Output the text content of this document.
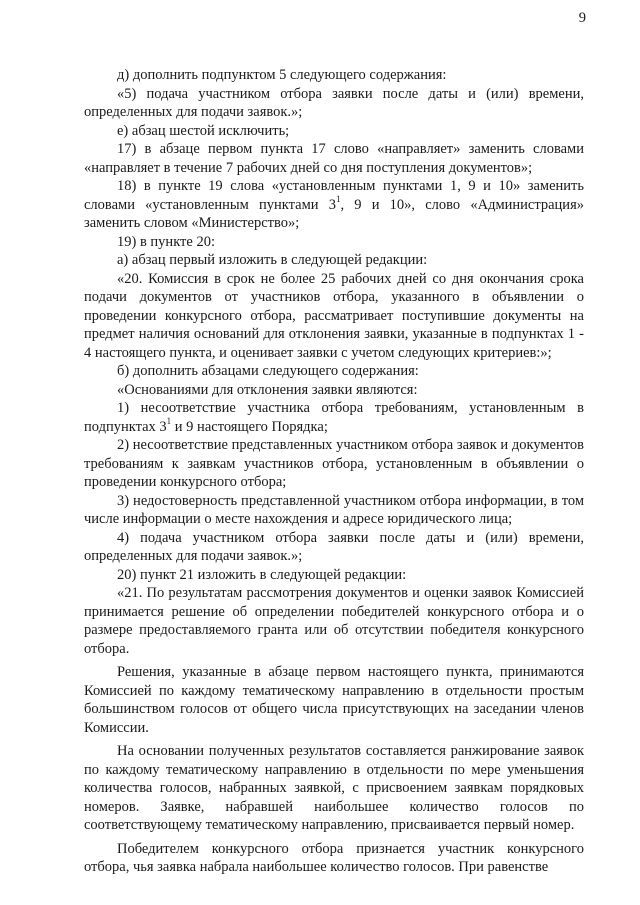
9

д) дополнить подпунктом 5 следующего содержания:

«5) подача участником отбора заявки после даты и (или) времени, определенных для подачи заявок.»;

е) абзац шестой исключить;

17) в абзаце первом пункта 17 слово «направляет» заменить словами «направляет в течение 7 рабочих дней со дня поступления документов»;

18) в пункте 19 слова «установленным пунктами 1, 9 и 10» заменить словами «установленным пунктами $3^1$, 9 и 10», слово «Администрация» заменить словом «Министерство»;

19) в пункте 20:

а) абзац первый изложить в следующей редакции:

«20. Комиссия в срок не более 25 рабочих дней со дня окончания срока подачи документов от участников отбора, указанного в объявлении о проведении конкурсного отбора, рассматривает поступившие документы на предмет наличия оснований для отклонения заявки, указанные в подпунктах 1 - 4 настоящего пункта, и оценивает заявки с учетом следующих критериев:»;

б) дополнить абзацами следующего содержания:

«Основаниями для отклонения заявки являются:

1) несоответствие участника отбора требованиям, установленным в подпунктах $3^1$ и 9 настоящего Порядка;

2) несоответствие представленных участником отбора заявок и документов требованиям к заявкам участников отбора, установленным в объявлении о проведении конкурсного отбора;

3) недостоверность представленной участником отбора информации, в том числе информации о месте нахождения и адресе юридического лица;

4) подача участником отбора заявки после даты и (или) времени, определенных для подачи заявок.»;

20) пункт 21 изложить в следующей редакции:

«21. По результатам рассмотрения документов и оценки заявок Комиссией принимается решение об определении победителей конкурсного отбора и о размере предоставляемого гранта или об отсутствии победителя конкурсного отбора.

Решения, указанные в абзаце первом настоящего пункта, принимаются Комиссией по каждому тематическому направлению в отдельности простым большинством голосов от общего числа присутствующих на заседании членов Комиссии.

На основании полученных результатов составляется ранжирование заявок по каждому тематическому направлению в отдельности по мере уменьшения количества голосов, набранных заявкой, с присвоением заявкам порядковых номеров. Заявке, набравшей наибольшее количество голосов по соответствующему тематическому направлению, присваивается первый номер.

Победителем конкурсного отбора признается участник конкурсного отбора, чья заявка набрала наибольшее количество голосов. При равенстве
